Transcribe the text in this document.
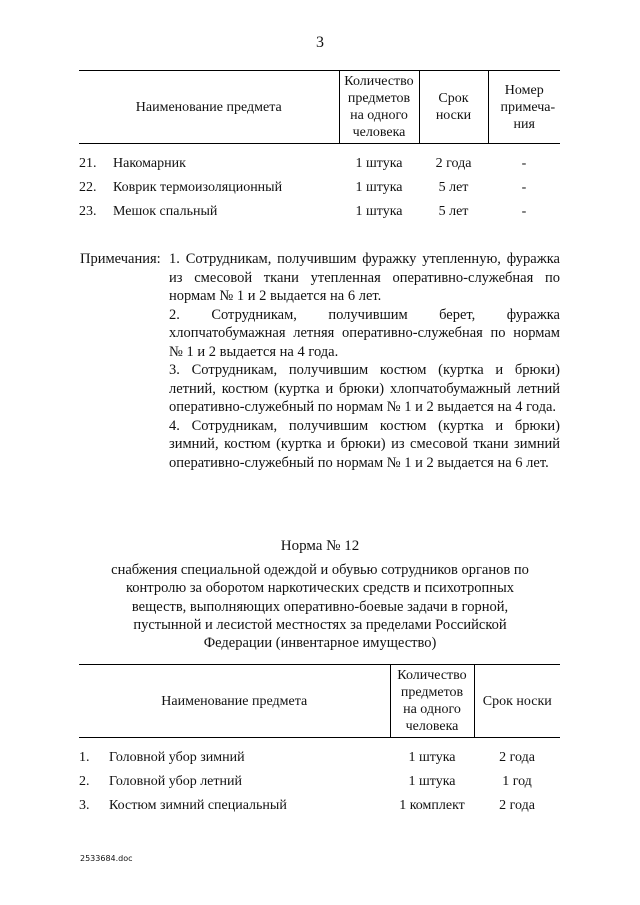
3
Наименование предмета	Количество предметов на одного человека	Срок носки	Номер примеча-ния

21. Накомарник	1 штука	2 года	-
22. Коврик термоизоляционный	1 штука	5 лет	-
23. Мешок спальный	1 штука	5 лет	-
Примечания: 1. Сотрудникам, получившим фуражку утепленную, фуражка из смесовой ткани утепленная оперативно-служебная по нормам № 1 и 2 выдается на 6 лет.
2. Сотрудникам, получившим берет, фуражка хлопчатобумажная летняя оперативно-служебная по нормам № 1 и 2 выдается на 4 года.
3. Сотрудникам, получившим костюм (куртка и брюки) летний, костюм (куртка и брюки) хлопчатобумажный летний оперативно-служебный по нормам № 1 и 2 выдается на 4 года.
4. Сотрудникам, получившим костюм (куртка и брюки) зимний, костюм (куртка и брюки) из смесовой ткани зимний оперативно-служебный по нормам № 1 и 2 выдается на 6 лет.
Норма № 12
снабжения специальной одеждой и обувью сотрудников органов по контролю за оборотом наркотических средств и психотропных веществ, выполняющих оперативно-боевые задачи в горной, пустынной и лесистой местностях за пределами Российской Федерации (инвентарное имущество)
Наименование предмета	Количество предметов на одного человека	Срок носки

1. Головной убор зимний	1 штука	2 года
2. Головной убор летний	1 штука	1 год
3. Костюм зимний специальный	1 комплект	2 года
2533684.doc
